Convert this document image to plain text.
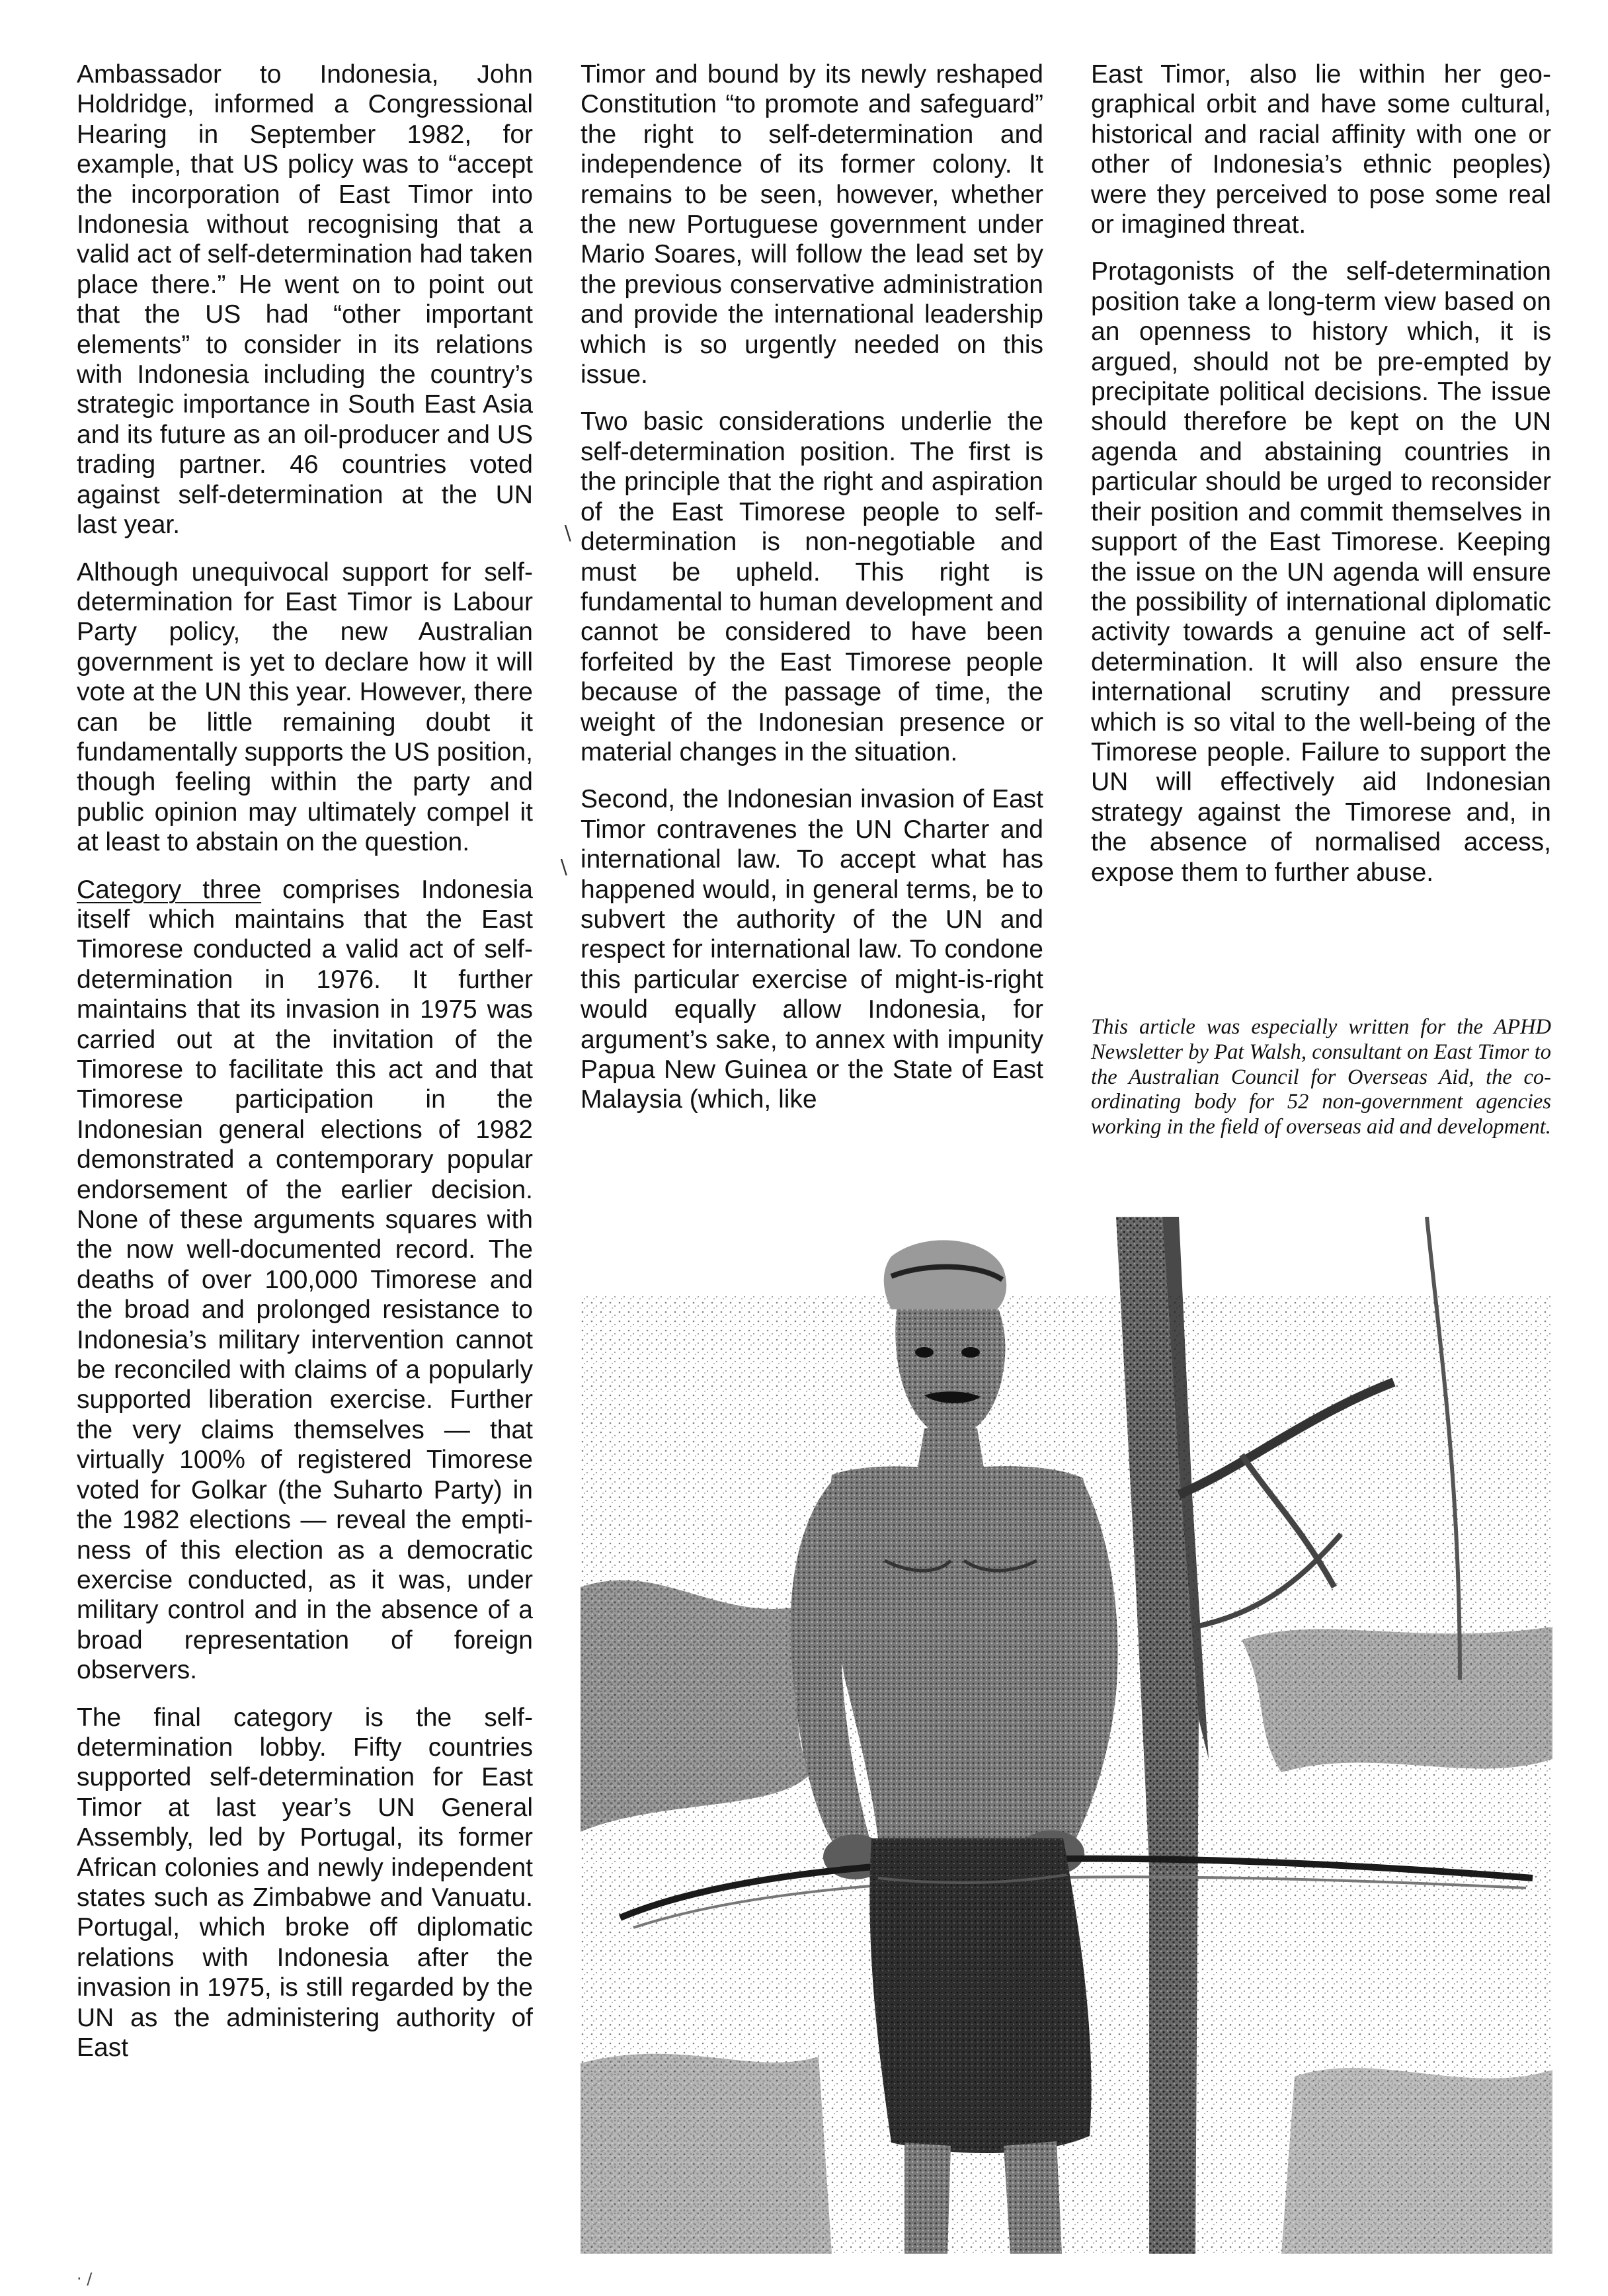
Ambassador to Indonesia, John Holdridge, informed a Congressional Hearing in September 1982, for example, that US policy was to “accept the incorporation of East Timor into Indonesia without recognising that a valid act of self-determination had taken place there.” He went on to point out that the US had “other important elements” to consider in its relations with Indonesia including the country’s strategic importance in South East Asia and its future as an oil-producer and US trading partner. 46 countries voted against self-determination at the UN last year.

Although unequivocal support for self-determination for East Timor is Labour Party policy, the new Australian government is yet to declare how it will vote at the UN this year. However, there can be little remaining doubt it fundamentally supports the US position, though feeling within the party and public opinion may ultimately compel it at least to abstain on the question.

Category three comprises Indonesia itself which maintains that the East Timorese conducted a valid act of self-determination in 1976. It further maintains that its invasion in 1975 was carried out at the invitation of the Timorese to facilitate this act and that Timorese participation in the Indonesian general elections of 1982 demonstrated a contemporary popular endorsement of the earlier decision. None of these arguments squares with the now well-documented record. The deaths of over 100,000 Timorese and the broad and prolonged resistance to Indonesia’s military intervention cannot be reconciled with claims of a popularly supported liberation exercise. Further the very claims themselves — that virtually 100% of registered Timorese voted for Golkar (the Suharto Party) in the 1982 elections — reveal the emptiness of this election as a democratic exercise conducted, as it was, under military control and in the absence of a broad representation of foreign observers.

The final category is the self-determination lobby. Fifty countries supported self-determination for East Timor at last year’s UN General Assembly, led by Portugal, its former African colonies and newly independent states such as Zimbabwe and Vanuatu. Portugal, which broke off diplomatic relations with Indonesia after the invasion in 1975, is still regarded by the UN as the administering authority of East

Timor and bound by its newly reshaped Constitution “to promote and safeguard” the right to self-determination and independence of its former colony. It remains to be seen, however, whether the new Portuguese government under Mario Soares, will follow the lead set by the previous conservative administration and provide the international leadership which is so urgently needed on this issue.

Two basic considerations underlie the self-determination position. The first is the principle that the right and aspiration of the East Timorese people to self-determination is non-negotiable and must be upheld. This right is fundamental to human development and cannot be considered to have been forfeited by the East Timorese people because of the passage of time, the weight of the Indonesian presence or material changes in the situation.

Second, the Indonesian invasion of East Timor contravenes the UN Charter and international law. To accept what has happened would, in general terms, be to subvert the authority of the UN and respect for international law. To condone this particular exercise of might-is-right would equally allow Indonesia, for argument’s sake, to annex with impunity Papua New Guinea or the State of East Malaysia (which, like

East Timor, also lie within her geographical orbit and have some cultural, historical and racial affinity with one or other of Indonesia’s ethnic peoples) were they perceived to pose some real or imagined threat.

Protagonists of the self-determination position take a long-term view based on an openness to history which, it is argued, should not be pre-empted by precipitate political decisions. The issue should therefore be kept on the UN agenda and abstaining countries in particular should be urged to reconsider their position and commit themselves in support of the East Timorese. Keeping the issue on the UN agenda will ensure the possibility of international diplomatic activity towards a genuine act of self-determination. It will also ensure the international scrutiny and pressure which is so vital to the well-being of the Timorese people. Failure to support the UN will effectively aid Indonesian strategy against the Timorese and, in the absence of normalised access, expose them to further abuse.

This article was especially written for the APHD Newsletter by Pat Walsh, consultant on East Timor to the Australian Council for Overseas Aid, the co-ordinating body for 52 non-government agencies working in the field of overseas aid and development.
∖
∖
⋅ /
